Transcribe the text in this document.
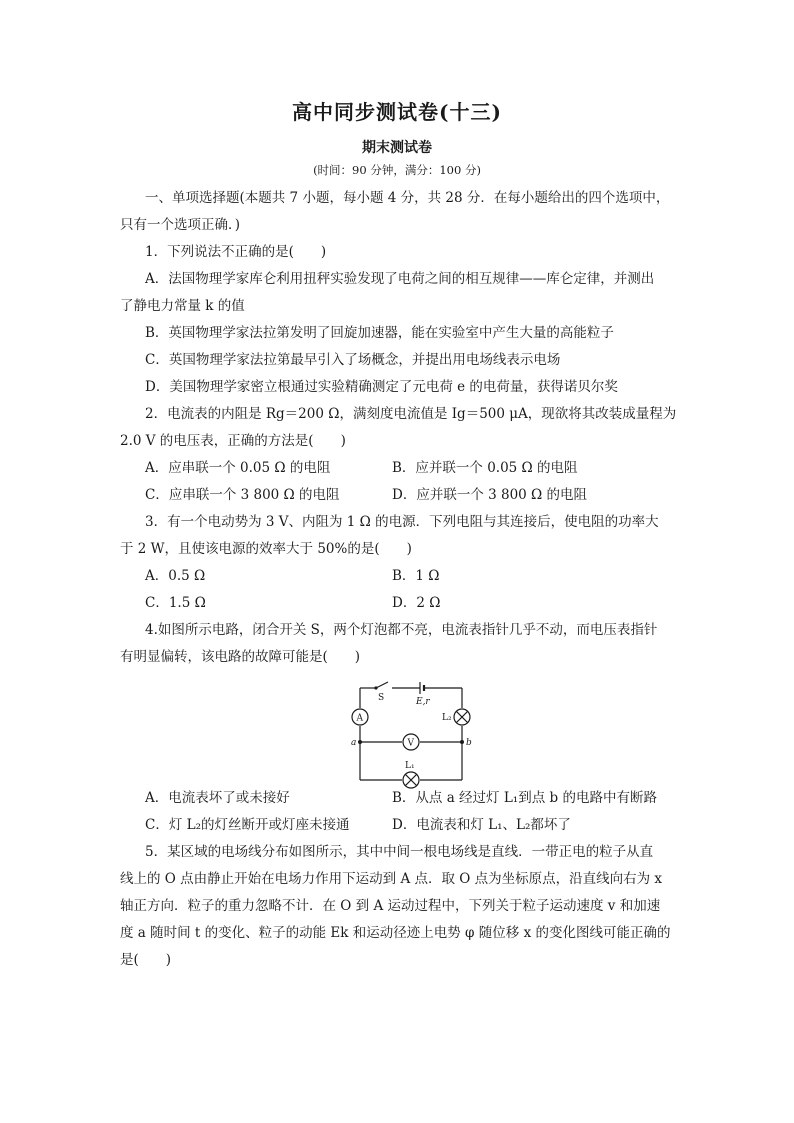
高中同步测试卷(十三)
期末测试卷
(时间：90 分钟，满分：100 分)
一、单项选择题(本题共 7 小题，每小题 4 分，共 28 分．在每小题给出的四个选项中，
只有一个选项正确．)
1．下列说法不正确的是(　　)
A．法国物理学家库仑利用扭秤实验发现了电荷之间的相互规律——库仑定律，并测出
了静电力常量 k 的值
B．英国物理学家法拉第发明了回旋加速器，能在实验室中产生大量的高能粒子
C．英国物理学家法拉第最早引入了场概念，并提出用电场线表示电场
D．美国物理学家密立根通过实验精确测定了元电荷 e 的电荷量，获得诺贝尔奖
2．电流表的内阻是 Rg＝200 Ω，满刻度电流值是 Ig＝500 μA，现欲将其改装成量程为
2.0 V 的电压表，正确的方法是(　　)
A．应串联一个 0.05 Ω 的电阻	B．应并联一个 0.05 Ω 的电阻
C．应串联一个 3 800 Ω 的电阻	D．应并联一个 3 800 Ω 的电阻
3．有一个电动势为 3 V、内阻为 1 Ω 的电源．下列电阻与其连接后，使电阻的功率大
于 2 W，且使该电源的效率大于 50%的是(　　)
A．0.5 Ω	B．1 Ω
C．1.5 Ω	D．2 Ω
4.如图所示电路，闭合开关 S，两个灯泡都不亮，电流表指针几乎不动，而电压表指针
有明显偏转，该电路的故障可能是(　　)
S	E,r
A	L₂
V
L₁
a	b
A．电流表坏了或未接好	B．从点 a 经过灯 L₁到点 b 的电路中有断路
C．灯 L₂的灯丝断开或灯座未接通	D．电流表和灯 L₁、L₂都坏了
5．某区域的电场线分布如图所示，其中中间一根电场线是直线．一带正电的粒子从直
线上的 O 点由静止开始在电场力作用下运动到 A 点．取 O 点为坐标原点，沿直线向右为 x
轴正方向．粒子的重力忽略不计．在 O 到 A 运动过程中，下列关于粒子运动速度 v 和加速
度 a 随时间 t 的变化、粒子的动能 Ek 和运动径迹上电势 φ 随位移 x 的变化图线可能正确的
是(　　)
